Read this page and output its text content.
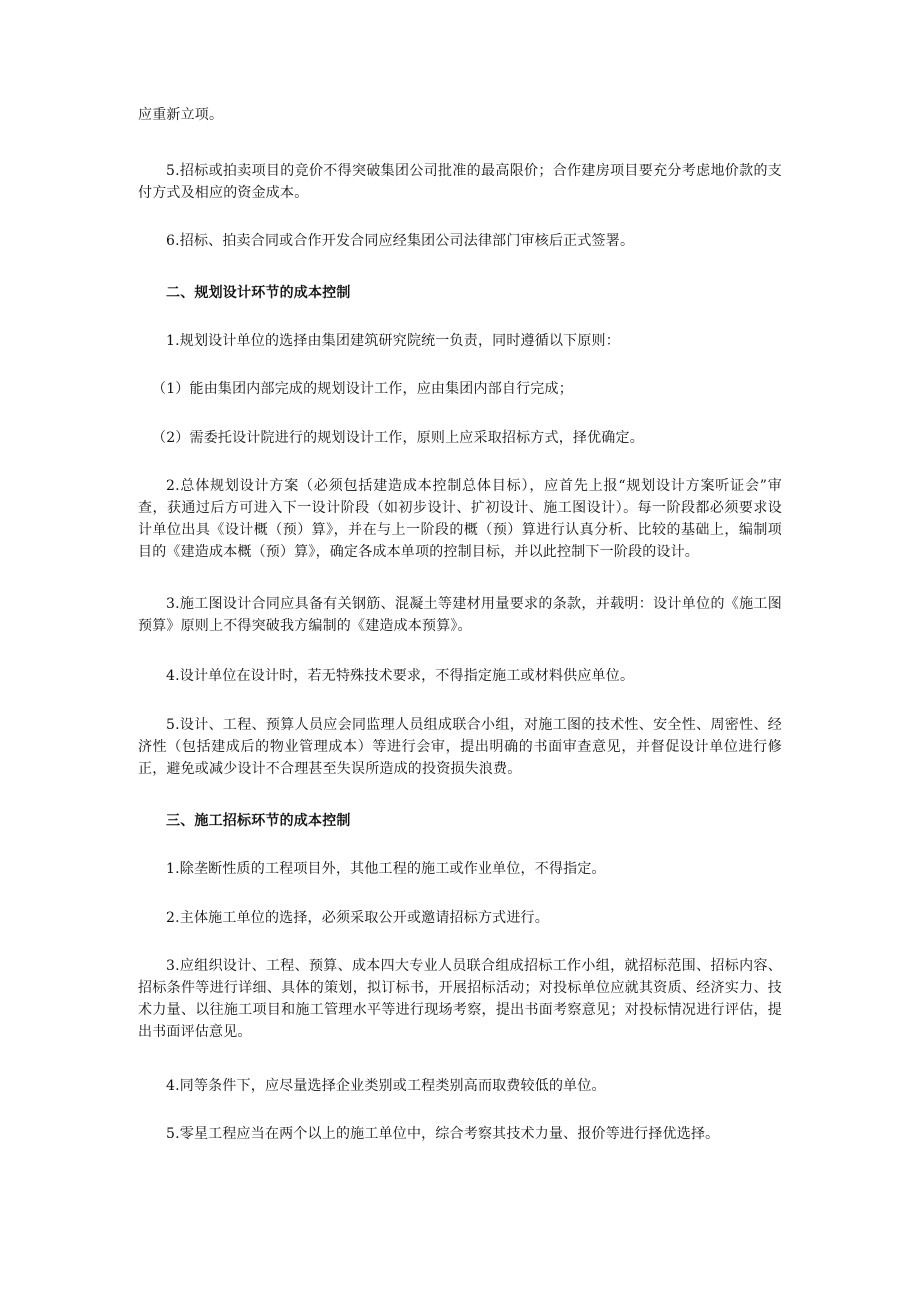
应重新立项。

5.招标或拍卖项目的竞价不得突破集团公司批准的最高限价；合作建房项目要充分考虑地价款的支付方式及相应的资金成本。

6.招标、拍卖合同或合作开发合同应经集团公司法律部门审核后正式签署。

二、规划设计环节的成本控制

1.规划设计单位的选择由集团建筑研究院统一负责，同时遵循以下原则：

（1）能由集团内部完成的规划设计工作，应由集团内部自行完成；

（2）需委托设计院进行的规划设计工作，原则上应采取招标方式，择优确定。

2.总体规划设计方案（必须包括建造成本控制总体目标），应首先上报“规划设计方案听证会”审查，获通过后方可进入下一设计阶段（如初步设计、扩初设计、施工图设计）。每一阶段都必须要求设计单位出具《设计概（预）算》，并在与上一阶段的概（预）算进行认真分析、比较的基础上，编制项目的《建造成本概（预）算》，确定各成本单项的控制目标，并以此控制下一阶段的设计。

3.施工图设计合同应具备有关钢筋、混凝土等建材用量要求的条款，并载明：设计单位的《施工图预算》原则上不得突破我方编制的《建造成本预算》。

4.设计单位在设计时，若无特殊技术要求，不得指定施工或材料供应单位。

5.设计、工程、预算人员应会同监理人员组成联合小组，对施工图的技术性、安全性、周密性、经济性（包括建成后的物业管理成本）等进行会审，提出明确的书面审查意见，并督促设计单位进行修正，避免或减少设计不合理甚至失误所造成的投资损失浪费。

三、施工招标环节的成本控制

1.除垄断性质的工程项目外，其他工程的施工或作业单位，不得指定。

2.主体施工单位的选择，必须采取公开或邀请招标方式进行。

3.应组织设计、工程、预算、成本四大专业人员联合组成招标工作小组，就招标范围、招标内容、招标条件等进行详细、具体的策划，拟订标书，开展招标活动；对投标单位应就其资质、经济实力、技术力量、以往施工项目和施工管理水平等进行现场考察，提出书面考察意见；对投标情况进行评估，提出书面评估意见。

4.同等条件下，应尽量选择企业类别或工程类别高而取费较低的单位。

5.零星工程应当在两个以上的施工单位中，综合考察其技术力量、报价等进行择优选择。
